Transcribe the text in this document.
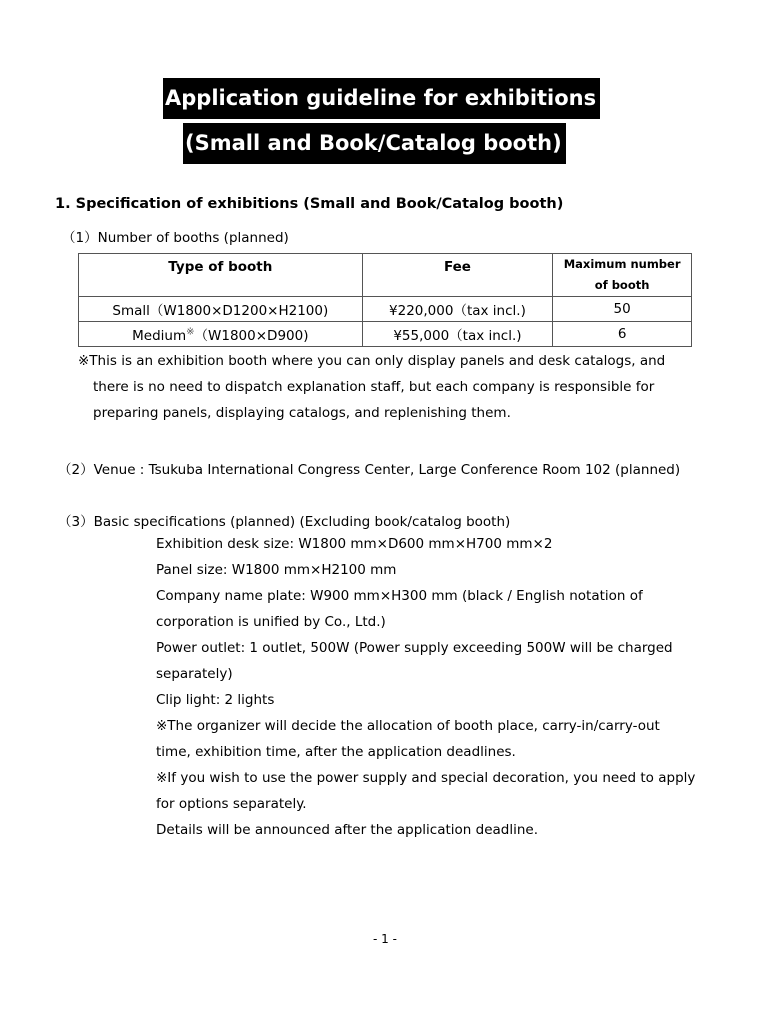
Application guideline for exhibitions
(Small and Book/Catalog booth)
1. Specification of exhibitions (Small and Book/Catalog booth)
（1）Number of booths (planned)
Type of booth	Fee	Maximum number
of booth

Small（W1800×D1200×H2100)	¥220,000（tax incl.)	50
Medium※（W1800×D900)	¥55,000（tax incl.)	6
※This is an exhibition booth where you can only display panels and desk catalogs, and
there is no need to dispatch explanation staff, but each company is responsible for
preparing panels, displaying catalogs, and replenishing them.
（2）Venue : Tsukuba International Congress Center, Large Conference Room 102 (planned)
（3）Basic specifications (planned) (Excluding book/catalog booth)
Exhibition desk size: W1800 mm×D600 mm×H700 mm×2
Panel size: W1800 mm×H2100 mm
Company name plate: W900 mm×H300 mm (black / English notation of
corporation is unified by Co., Ltd.)
Power outlet: 1 outlet, 500W (Power supply exceeding 500W will be charged
separately)
Clip light: 2 lights
※The organizer will decide the allocation of booth place, carry-in/carry-out
time, exhibition time, after the application deadlines.
※If you wish to use the power supply and special decoration, you need to apply
for options separately.
Details will be announced after the application deadline.
- 1 -
